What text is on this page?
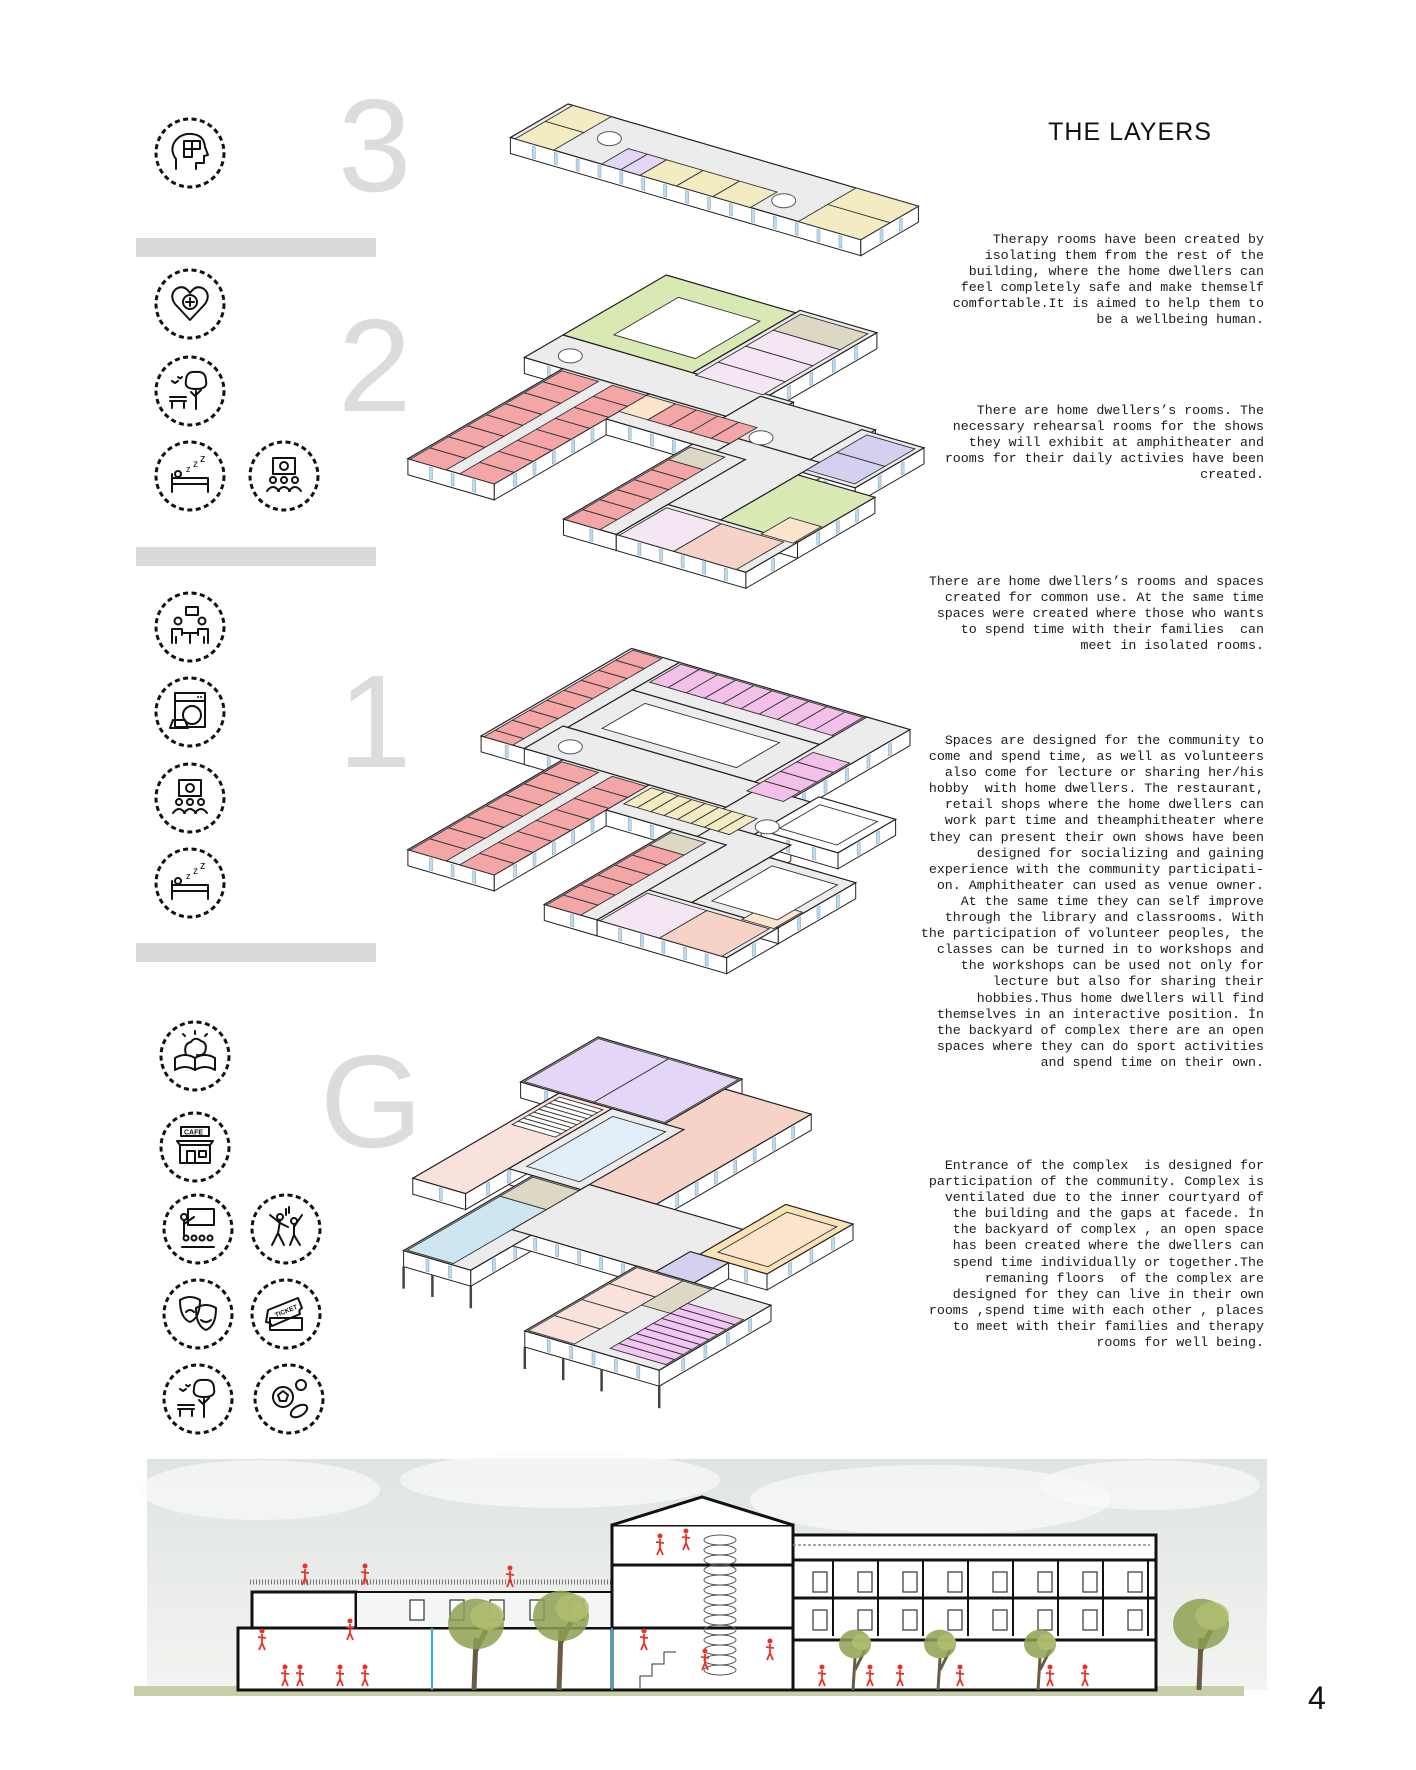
THE LAYERS
3
2
1
G
Therapy rooms have been created by
isolating them from the rest of the
building, where the home dwellers can
feel completely safe and make themself
comfortable.It is aimed to help them to
be a wellbeing human.
There are home dwellers’s rooms. The
necessary rehearsal rooms for the shows
they will exhibit at amphitheater and
rooms for their daily activies have been
created.
There are home dwellers’s rooms and spaces
created for common use. At the same time
spaces were created where those who wants
to spend time with their families  can
meet in isolated rooms.
Spaces are designed for the community to
come and spend time, as well as volunteers
also come for lecture or sharing her/his
hobby  with home dwellers. The restaurant,
retail shops where the home dwellers can
work part time and theamphitheater where
they can present their own shows have been
designed for socializing and gaining
experience with the community participati-
on. Amphitheater can used as venue owner.
At the same time they can self improve
through the library and classrooms. With
the participation of volunteer peoples, the
classes can be turned in to workshops and
the workshops can be used not only for
lecture but also for sharing their
hobbies.Thus home dwellers will find
themselves in an interactive position. İn
the backyard of complex there are an open
spaces where they can do sport activities
and spend time on their own.
Entrance of the complex  is designed for
participation of the community. Complex is
ventilated due to the inner courtyard of
the building and the gaps at facede. İn
the backyard of complex , an open space
has been created where the dwellers can
spend time individually or together.The
remaning floors  of the complex are
designed for they can live in their own
rooms ,spend time with each other , places
to meet with their families and therapy
rooms for well being.
z z z
z z z
CAFE
TICKET
4
